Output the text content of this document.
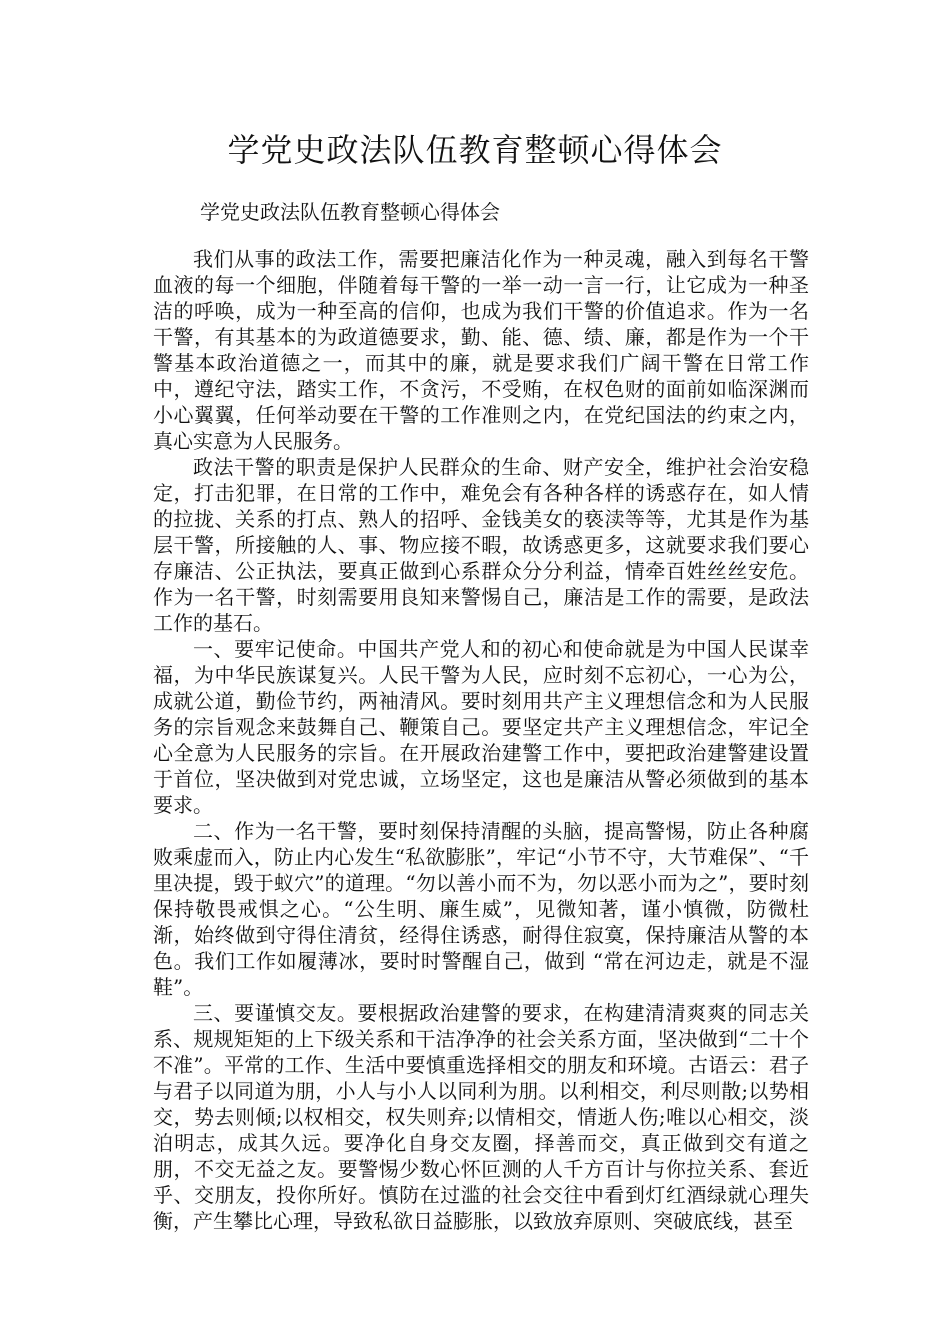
学党史政法队伍教育整顿心得体会

学党史政法队伍教育整顿心得体会

我们从事的政法工作，需要把廉洁化作为一种灵魂，融入到每名干警血液的每一个细胞，伴随着每干警的一举一动一言一行，让它成为一种圣洁的呼唤，成为一种至高的信仰，也成为我们干警的价值追求。作为一名干警，有其基本的为政道德要求，勤、能、德、绩、廉，都是作为一个干警基本政治道德之一，而其中的廉，就是要求我们广阔干警在日常工作中，遵纪守法，踏实工作，不贪污，不受贿，在权色财的面前如临深渊而小心翼翼，任何举动要在干警的工作准则之内，在党纪国法的约束之内，真心实意为人民服务。

政法干警的职责是保护人民群众的生命、财产安全，维护社会治安稳定，打击犯罪，在日常的工作中，难免会有各种各样的诱惑存在，如人情的拉拢、关系的打点、熟人的招呼、金钱美女的亵渎等等，尤其是作为基层干警，所接触的人、事、物应接不暇，故诱惑更多，这就要求我们要心存廉洁、公正执法，要真正做到心系群众分分利益，情牵百姓丝丝安危。作为一名干警，时刻需要用良知来警惕自己，廉洁是工作的需要，是政法工作的基石。

一、要牢记使命。中国共产党人和的初心和使命就是为中国人民谋幸福，为中华民族谋复兴。人民干警为人民，应时刻不忘初心，一心为公，成就公道，勤俭节约，两袖清风。要时刻用共产主义理想信念和为人民服务的宗旨观念来鼓舞自己、鞭策自己。要坚定共产主义理想信念，牢记全心全意为人民服务的宗旨。在开展政治建警工作中，要把政治建警建设置于首位，坚决做到对党忠诚，立场坚定，这也是廉洁从警必须做到的基本要求。

二、作为一名干警，要时刻保持清醒的头脑，提高警惕，防止各种腐败乘虚而入，防止内心发生“私欲膨胀”，牢记“小节不守，大节难保”、“千里决提，毁于蚁穴”的道理。“勿以善小而不为，勿以恶小而为之”，要时刻保持敬畏戒惧之心。“公生明、廉生威”，见微知著，谨小慎微，防微杜渐，始终做到守得住清贫，经得住诱惑，耐得住寂寞，保持廉洁从警的本色。我们工作如履薄冰，要时时警醒自己，做到 “常在河边走，就是不湿鞋”。

三、要谨慎交友。要根据政治建警的要求，在构建清清爽爽的同志关系、规规矩矩的上下级关系和干洁净净的社会关系方面，坚决做到“二十个不准”。平常的工作、生活中要慎重选择相交的朋友和环境。古语云：君子与君子以同道为朋，小人与小人以同利为朋。以利相交，利尽则散;以势相交，势去则倾;以权相交，权失则弃;以情相交，情逝人伤;唯以心相交，淡泊明志，成其久远。要净化自身交友圈，择善而交，真正做到交有道之朋，不交无益之友。要警惕少数心怀叵测的人千方百计与你拉关系、套近乎、交朋友，投你所好。慎防在过滥的社会交往中看到灯红酒绿就心理失衡，产生攀比心理，导致私欲日益膨胀，以致放弃原则、突破底线，甚至
